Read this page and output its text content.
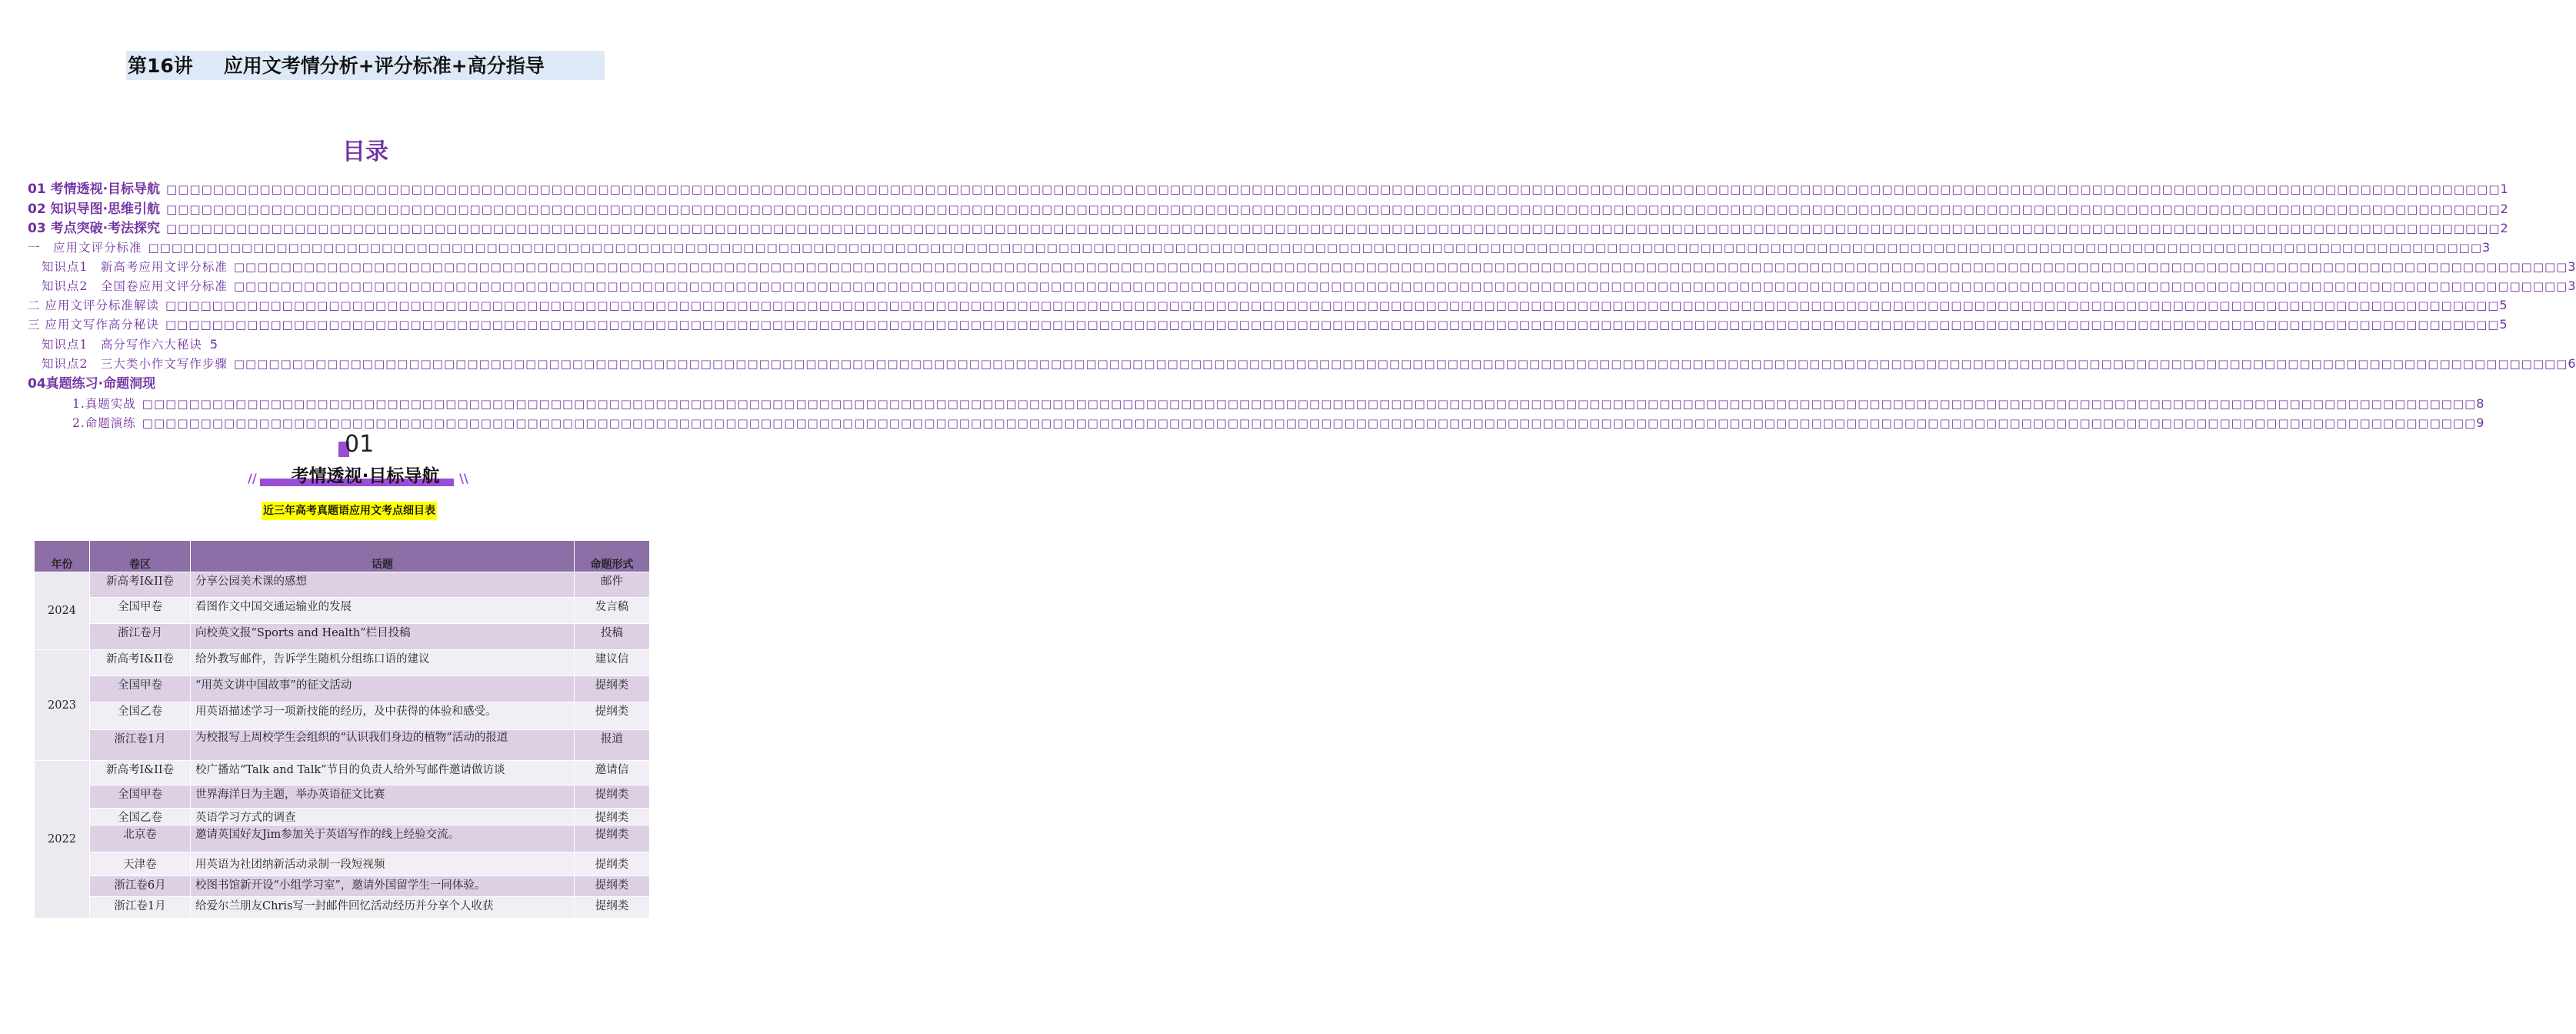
第16讲 应用文考情分析+评分标准+高分指导
目录
01 考情透视·目标导航 □□□□□□□□□□□□□□□□□□□□□□□□□□□□□□□□□□□□□□□□□□□□□□□□□□□□□□□□□□□□□□□□□□□□□□□□□□□□□□□□□□□□□□□□□□□□□□□□□□□□□□□□□□□□□□□□□□□□□□□□□□□□□□□□□□□□□□□□□□□□□□□□□□□□□□□□□□□□□□□□□□□□□□□□□□□□□□□□□□□□□□□□□□□□□□□□□□□□□□□□ 1
02 知识导图·思维引航 □□□□□□□□□□□□□□□□□□□□□□□□□□□□□□□□□□□□□□□□□□□□□□□□□□□□□□□□□□□□□□□□□□□□□□□□□□□□□□□□□□□□□□□□□□□□□□□□□□□□□□□□□□□□□□□□□□□□□□□□□□□□□□□□□□□□□□□□□□□□□□□□□□□□□□□□□□□□□□□□□□□□□□□□□□□□□□□□□□□□□□□□□□□□□□□□□□□□□□□□ 2
03 考点突破·考法探究 □□□□□□□□□□□□□□□□□□□□□□□□□□□□□□□□□□□□□□□□□□□□□□□□□□□□□□□□□□□□□□□□□□□□□□□□□□□□□□□□□□□□□□□□□□□□□□□□□□□□□□□□□□□□□□□□□□□□□□□□□□□□□□□□□□□□□□□□□□□□□□□□□□□□□□□□□□□□□□□□□□□□□□□□□□□□□□□□□□□□□□□□□□□□□□□□□□□□□□□□ 2
一　应用文评分标准 □□□□□□□□□□□□□□□□□□□□□□□□□□□□□□□□□□□□□□□□□□□□□□□□□□□□□□□□□□□□□□□□□□□□□□□□□□□□□□□□□□□□□□□□□□□□□□□□□□□□□□□□□□□□□□□□□□□□□□□□□□□□□□□□□□□□□□□□□□□□□□□□□□□□□□□□□□□□□□□□□□□□□□□□□□□□□□□□□□□□□□□□□□□□□□□□□□□□□□□□ 3
知识点1　新高考应用文评分标准 □□□□□□□□□□□□□□□□□□□□□□□□□□□□□□□□□□□□□□□□□□□□□□□□□□□□□□□□□□□□□□□□□□□□□□□□□□□□□□□□□□□□□□□□□□□□□□□□□□□□□□□□□□□□□□□□□□□□□□□□□□□□□□□□□□□□□□□□□□□□□□□□□□□□□□□□□□□□□□□□□□□□□□□□□□□□□□□□□□□□□□□□□□□□□□□□□□□□□□□□ 3
知识点2　全国卷应用文评分标准 □□□□□□□□□□□□□□□□□□□□□□□□□□□□□□□□□□□□□□□□□□□□□□□□□□□□□□□□□□□□□□□□□□□□□□□□□□□□□□□□□□□□□□□□□□□□□□□□□□□□□□□□□□□□□□□□□□□□□□□□□□□□□□□□□□□□□□□□□□□□□□□□□□□□□□□□□□□□□□□□□□□□□□□□□□□□□□□□□□□□□□□□□□□□□□□□□□□□□□□□ 3
二 应用文评分标准解读 □□□□□□□□□□□□□□□□□□□□□□□□□□□□□□□□□□□□□□□□□□□□□□□□□□□□□□□□□□□□□□□□□□□□□□□□□□□□□□□□□□□□□□□□□□□□□□□□□□□□□□□□□□□□□□□□□□□□□□□□□□□□□□□□□□□□□□□□□□□□□□□□□□□□□□□□□□□□□□□□□□□□□□□□□□□□□□□□□□□□□□□□□□□□□□□□□□□□□□□□ 5
三 应用文写作高分秘诀 □□□□□□□□□□□□□□□□□□□□□□□□□□□□□□□□□□□□□□□□□□□□□□□□□□□□□□□□□□□□□□□□□□□□□□□□□□□□□□□□□□□□□□□□□□□□□□□□□□□□□□□□□□□□□□□□□□□□□□□□□□□□□□□□□□□□□□□□□□□□□□□□□□□□□□□□□□□□□□□□□□□□□□□□□□□□□□□□□□□□□□□□□□□□□□□□□□□□□□□□ 5
知识点1　高分写作六大秘诀 5
知识点2　三大类小作文写作步骤 □□□□□□□□□□□□□□□□□□□□□□□□□□□□□□□□□□□□□□□□□□□□□□□□□□□□□□□□□□□□□□□□□□□□□□□□□□□□□□□□□□□□□□□□□□□□□□□□□□□□□□□□□□□□□□□□□□□□□□□□□□□□□□□□□□□□□□□□□□□□□□□□□□□□□□□□□□□□□□□□□□□□□□□□□□□□□□□□□□□□□□□□□□□□□□□□□□□□□□□□ 6
04真题练习·命题洞现
1.真题实战 □□□□□□□□□□□□□□□□□□□□□□□□□□□□□□□□□□□□□□□□□□□□□□□□□□□□□□□□□□□□□□□□□□□□□□□□□□□□□□□□□□□□□□□□□□□□□□□□□□□□□□□□□□□□□□□□□□□□□□□□□□□□□□□□□□□□□□□□□□□□□□□□□□□□□□□□□□□□□□□□□□□□□□□□□□□□□□□□□□□□□□□□□□□□□□□□□□□□□□□□ 8
2.命题演练 □□□□□□□□□□□□□□□□□□□□□□□□□□□□□□□□□□□□□□□□□□□□□□□□□□□□□□□□□□□□□□□□□□□□□□□□□□□□□□□□□□□□□□□□□□□□□□□□□□□□□□□□□□□□□□□□□□□□□□□□□□□□□□□□□□□□□□□□□□□□□□□□□□□□□□□□□□□□□□□□□□□□□□□□□□□□□□□□□□□□□□□□□□□□□□□□□□□□□□□□ 9
01
//	考情透视·目标导航	\\
近三年高考真题语应用文考点细目表
年份	卷区	话题	命题形式
2024	新高考I&II卷	分享公园美术课的感想	邮件
	全国甲卷	看图作文中国交通运输业的发展	发言稿
	浙江卷月	向校英文报“Sports and Health”栏目投稿	投稿
2023	新高考I&II卷	给外教写邮件，告诉学生随机分组练口语的建议	建议信
	全国甲卷	“用英文讲中国故事”的征文活动	提纲类
	全国乙卷	用英语描述学习一项新技能的经历，及中获得的体验和感受。	提纲类
	浙江卷1月	为校报写上周校学生会组织的“认识我们身边的植物”活动的报道	报道
2022	新高考I&II卷	校广播站“Talk and Talk”节目的负责人给外写邮件邀请做访谈	邀请信
	全国甲卷	世界海洋日为主题，举办英语征文比赛	提纲类
	全国乙卷	英语学习方式的调查	提纲类
	北京卷	邀请英国好友Jim参加关于英语写作的线上经验交流。	提纲类
	天津卷	用英语为社团纳新活动录制一段短视频	提纲类
	浙江卷6月	校图书馆新开设“小组学习室”，邀请外国留学生一同体验。	提纲类
	浙江卷1月	给爱尔兰朋友Chris写一封邮件回忆活动经历并分享个人收获	提纲类
